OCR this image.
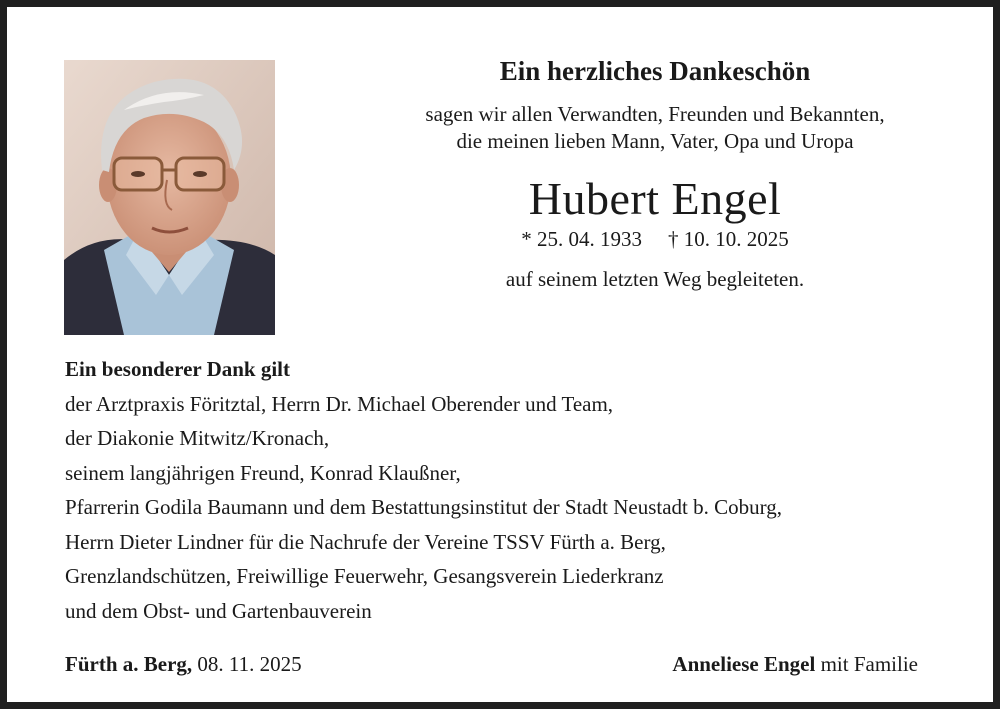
Ein herzliches Dankeschön
sagen wir allen Verwandten, Freunden und Bekannten,
die meinen lieben Mann, Vater, Opa und Uropa
Hubert Engel
* 25. 04. 1933 † 10. 10. 2025
auf seinem letzten Weg begleiteten.
Ein besonderer Dank gilt
der Arztpraxis Föritztal, Herrn Dr. Michael Oberender und Team,
der Diakonie Mitwitz/Kronach,
seinem langjährigen Freund, Konrad Klaußner,
Pfarrerin Godila Baumann und dem Bestattungsinstitut der Stadt Neustadt b. Coburg,
Herrn Dieter Lindner für die Nachrufe der Vereine TSSV Fürth a. Berg,
Grenzlandschützen, Freiwillige Feuerwehr, Gesangsverein Liederkranz
und dem Obst- und Gartenbauverein
Fürth a. Berg, 08. 11. 2025	Anneliese Engel mit Familie
